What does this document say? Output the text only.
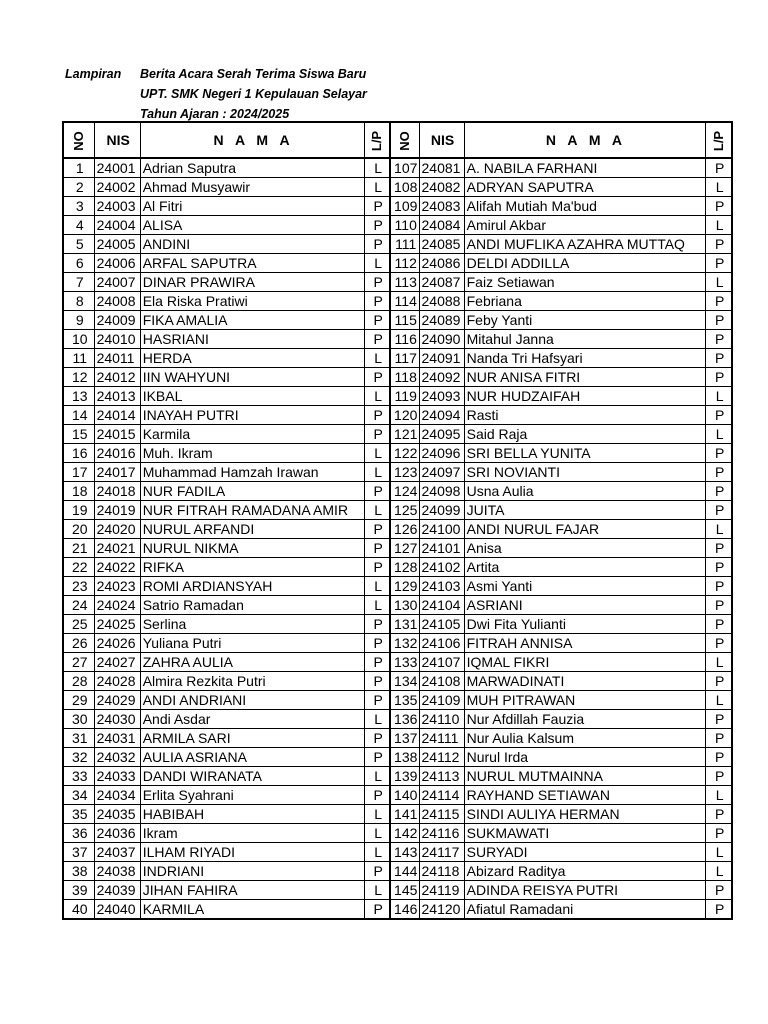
Lampiran	Berita Acara Serah Terima Siswa Baru
UPT. SMK Negeri 1 Kepulauan Selayar
Tahun Ajaran : 2024/2025
NO	NIS	N A M A	L/P	NO	NIS	N A M A	L/P
1	24001	Adrian Saputra	L	107	24081	A. NABILA FARHANI	P
2	24002	Ahmad Musyawir	L	108	24082	ADRYAN SAPUTRA	L
3	24003	Al Fitri	P	109	24083	Alifah Mutiah Ma'bud	P
4	24004	ALISA	P	110	24084	Amirul Akbar	L
5	24005	ANDINI	P	111	24085	ANDI MUFLIKA AZAHRA MUTTAQ	P
6	24006	ARFAL SAPUTRA	L	112	24086	DELDI ADDILLA	P
7	24007	DINAR PRAWIRA	P	113	24087	Faiz Setiawan	L
8	24008	Ela Riska Pratiwi	P	114	24088	Febriana	P
9	24009	FIKA AMALIA	P	115	24089	Feby Yanti	P
10	24010	HASRIANI	P	116	24090	Mitahul Janna	P
11	24011	HERDA	L	117	24091	Nanda Tri Hafsyari	P
12	24012	IIN WAHYUNI	P	118	24092	NUR ANISA FITRI	P
13	24013	IKBAL	L	119	24093	NUR HUDZAIFAH	L
14	24014	INAYAH PUTRI	P	120	24094	Rasti	P
15	24015	Karmila	P	121	24095	Said Raja	L
16	24016	Muh. Ikram	L	122	24096	SRI BELLA YUNITA	P
17	24017	Muhammad Hamzah Irawan	L	123	24097	SRI NOVIANTI	P
18	24018	NUR FADILA	P	124	24098	Usna Aulia	P
19	24019	NUR FITRAH RAMADANA AMIR	L	125	24099	JUITA	P
20	24020	NURUL ARFANDI	P	126	24100	ANDI NURUL FAJAR	L
21	24021	NURUL NIKMA	P	127	24101	Anisa	P
22	24022	RIFKA	P	128	24102	Artita	P
23	24023	ROMI ARDIANSYAH	L	129	24103	Asmi Yanti	P
24	24024	Satrio Ramadan	L	130	24104	ASRIANI	P
25	24025	Serlina	P	131	24105	Dwi Fita Yulianti	P
26	24026	Yuliana Putri	P	132	24106	FITRAH ANNISA	P
27	24027	ZAHRA AULIA	P	133	24107	IQMAL FIKRI	L
28	24028	Almira Rezkita Putri	P	134	24108	MARWADINATI	P
29	24029	ANDI ANDRIANI	P	135	24109	MUH PITRAWAN	L
30	24030	Andi Asdar	L	136	24110	Nur Afdillah Fauzia	P
31	24031	ARMILA SARI	P	137	24111	Nur Aulia Kalsum	P
32	24032	AULIA ASRIANA	P	138	24112	Nurul Irda	P
33	24033	DANDI WIRANATA	L	139	24113	NURUL MUTMAINNA	P
34	24034	Erlita Syahrani	P	140	24114	RAYHAND SETIAWAN	L
35	24035	HABIBAH	L	141	24115	SINDI AULIYA HERMAN	P
36	24036	Ikram	L	142	24116	SUKMAWATI	P
37	24037	ILHAM RIYADI	L	143	24117	SURYADI	L
38	24038	INDRIANI	P	144	24118	Abizard Raditya	L
39	24039	JIHAN FAHIRA	L	145	24119	ADINDA REISYA PUTRI	P
40	24040	KARMILA	P	146	24120	Afiatul Ramadani	P
